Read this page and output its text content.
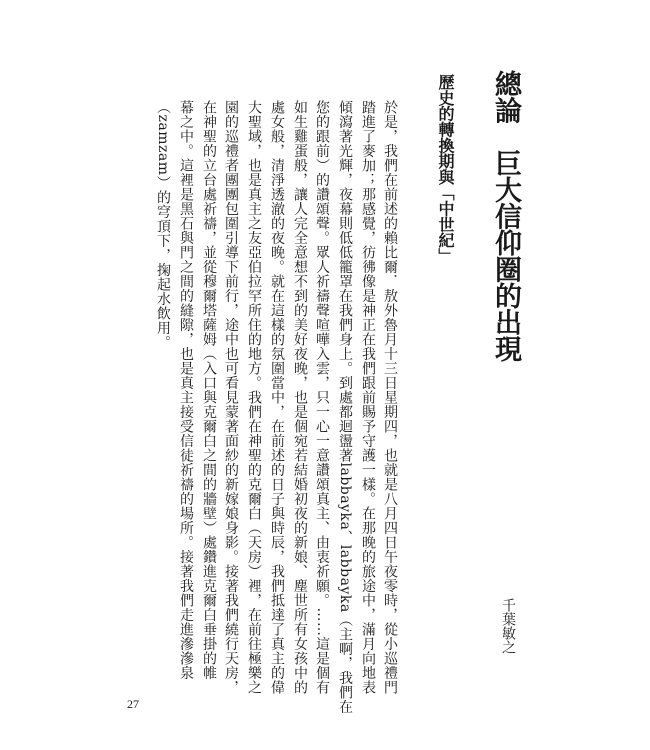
總論　巨大信仰圈的出現
歷史的轉換期與「中世紀」
千葉敏之
於是，我們在前述的賴比爾．敖外魯月十三日星期四，也就是八月四日午夜零時，從小巡禮門
踏進了麥加；那感覺，彷彿像是神正在我們跟前賜予守護一樣。在那晚的旅途中，滿月向地表
傾瀉著光輝，夜幕則低低籠罩在我們身上。到處都迴盪著labbayka、labbayka（主啊，我們在
您的跟前）的讚頌聲。眾人祈禱聲喧嘩入雲，只一心一意讚頌真主、由衷祈願。……這是個有
如生雞蛋般，讓人完全意想不到的美好夜晚，也是個宛若結婚初夜的新娘、塵世所有女孩中的
處女般，清淨透澈的夜晚。就在這樣的氛圍當中，在前述的日子與時辰，我們抵達了真主的偉
大聖域，也是真主之友亞伯拉罕所住的地方。我們在神聖的克爾白（天房）裡，在前往極樂之
園的巡禮者團團包圍引導下前行，途中也可看見蒙著面紗的新嫁娘身影。接著我們繞行天房，
在神聖的立台處祈禱，並從穆爾塔薩姆（入口與克爾白之間的牆壁）處鑽進克爾白垂掛的帷
幕之中。這裡是黑石與門之間的縫隙，也是真主接受信徒祈禱的場所。接著我們走進滲滲泉
（zamzam）的穹頂下，掬起水飲用。
27
